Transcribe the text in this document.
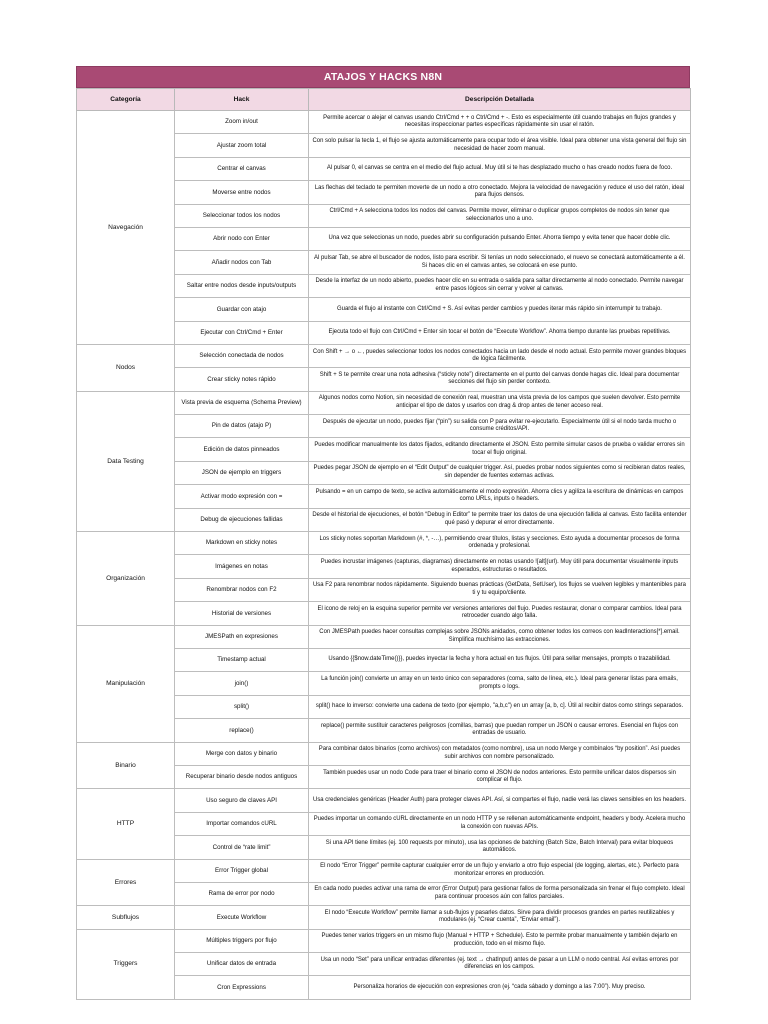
ATAJOS Y HACKS N8N
Categoría	Hack	Descripción Detallada
Navegación	Zoom in/out	Permite acercar o alejar el canvas usando Ctrl/Cmd + + o Ctrl/Cmd + -. Esto es especialmente útil cuando trabajas en flujos grandes y necesitas inspeccionar partes específicas rápidamente sin usar el ratón.
	Ajustar zoom total	Con solo pulsar la tecla 1, el flujo se ajusta automáticamente para ocupar todo el área visible. Ideal para obtener una vista general del flujo sin necesidad de hacer zoom manual.
	Centrar el canvas	Al pulsar 0, el canvas se centra en el medio del flujo actual. Muy útil si te has desplazado mucho o has creado nodos fuera de foco.
	Moverse entre nodos	Las flechas del teclado te permiten moverte de un nodo a otro conectado. Mejora la velocidad de navegación y reduce el uso del ratón, ideal para flujos densos.
	Seleccionar todos los nodos	Ctrl/Cmd + A selecciona todos los nodos del canvas. Permite mover, eliminar o duplicar grupos completos de nodos sin tener que seleccionarlos uno a uno.
	Abrir nodo con Enter	Una vez que seleccionas un nodo, puedes abrir su configuración pulsando Enter. Ahorra tiempo y evita tener que hacer doble clic.
	Añadir nodos con Tab	Al pulsar Tab, se abre el buscador de nodos, listo para escribir. Si tenías un nodo seleccionado, el nuevo se conectará automáticamente a él. Si haces clic en el canvas antes, se colocará en ese punto.
	Saltar entre nodos desde inputs/outputs	Desde la interfaz de un nodo abierto, puedes hacer clic en su entrada o salida para saltar directamente al nodo conectado. Permite navegar entre pasos lógicos sin cerrar y volver al canvas.
	Guardar con atajo	Guarda el flujo al instante con Ctrl/Cmd + S. Así evitas perder cambios y puedes iterar más rápido sin interrumpir tu trabajo.
	Ejecutar con Ctrl/Cmd + Enter	Ejecuta todo el flujo con Ctrl/Cmd + Enter sin tocar el botón de “Execute Workflow”. Ahorra tiempo durante las pruebas repetitivas.
Nodos	Selección conectada de nodos	Con Shift + → o ←, puedes seleccionar todos los nodos conectados hacia un lado desde el nodo actual. Esto permite mover grandes bloques de lógica fácilmente.
	Crear sticky notes rápido	Shift + S te permite crear una nota adhesiva (“sticky note”) directamente en el punto del canvas donde hagas clic. Ideal para documentar secciones del flujo sin perder contexto.
Data Testing	Vista previa de esquema (Schema Preview)	Algunos nodos como Notion, sin necesidad de conexión real, muestran una vista previa de los campos que suelen devolver. Esto permite anticipar el tipo de datos y usarlos con drag & drop antes de tener acceso real.
	Pin de datos (atajo P)	Después de ejecutar un nodo, puedes fijar (“pin”) su salida con P para evitar re-ejecutarlo. Especialmente útil si el nodo tarda mucho o consume créditos/API.
	Edición de datos pinneados	Puedes modificar manualmente los datos fijados, editando directamente el JSON. Esto permite simular casos de prueba o validar errores sin tocar el flujo original.
	JSON de ejemplo en triggers	Puedes pegar JSON de ejemplo en el “Edit Output” de cualquier trigger. Así, puedes probar nodos siguientes como si recibieran datos reales, sin depender de fuentes externas activas.
	Activar modo expresión con =	Pulsando = en un campo de texto, se activa automáticamente el modo expresión. Ahorra clics y agiliza la escritura de dinámicas en campos como URLs, inputs o headers.
	Debug de ejecuciones fallidas	Desde el historial de ejecuciones, el botón “Debug in Editor” te permite traer los datos de una ejecución fallida al canvas. Esto facilita entender qué pasó y depurar el error directamente.
Organización	Markdown en sticky notes	Los sticky notes soportan Markdown (#, *, -…), permitiendo crear títulos, listas y secciones. Esto ayuda a documentar procesos de forma ordenada y profesional.
	Imágenes en notas	Puedes incrustar imágenes (capturas, diagramas) directamente en notas usando ![alt](url). Muy útil para documentar visualmente inputs esperados, estructuras o resultados.
	Renombrar nodos con F2	Usa F2 para renombrar nodos rápidamente. Siguiendo buenas prácticas (GetData, SetUser), los flujos se vuelven legibles y mantenibles para ti y tu equipo/cliente.
	Historial de versiones	El icono de reloj en la esquina superior permite ver versiones anteriores del flujo. Puedes restaurar, clonar o comparar cambios. Ideal para retroceder cuando algo falla.
Manipulación	JMESPath en expresiones	Con JMESPath puedes hacer consultas complejas sobre JSONs anidados, como obtener todos los correos con leadInteractions[*].email. Simplifica muchísimo las extracciones.
	Timestamp actual	Usando {{$now.dateTime()}}, puedes inyectar la fecha y hora actual en tus flujos. Útil para sellar mensajes, prompts o trazabilidad.
	join()	La función join() convierte un array en un texto único con separadores (coma, salto de línea, etc.). Ideal para generar listas para emails, prompts o logs.
	split()	split() hace lo inverso: convierte una cadena de texto (por ejemplo, "a,b,c") en un array [a, b, c]. Útil al recibir datos como strings separados.
	replace()	replace() permite sustituir caracteres peligrosos (comillas, barras) que puedan romper un JSON o causar errores. Esencial en flujos con entradas de usuario.
Binario	Merge con datos y binario	Para combinar datos binarios (como archivos) con metadatos (como nombre), usa un nodo Merge y combínalos “by position”. Así puedes subir archivos con nombre personalizado.
	Recuperar binario desde nodos antiguos	También puedes usar un nodo Code para traer el binario como el JSON de nodos anteriores. Esto permite unificar datos dispersos sin complicar el flujo.
HTTP	Uso seguro de claves API	Usa credenciales genéricas (Header Auth) para proteger claves API. Así, si compartes el flujo, nadie verá las claves sensibles en los headers.
	Importar comandos cURL	Puedes importar un comando cURL directamente en un nodo HTTP y se rellenan automáticamente endpoint, headers y body. Acelera mucho la conexión con nuevas APIs.
	Control de “rate limit”	Si una API tiene límites (ej. 100 requests por minuto), usa las opciones de batching (Batch Size, Batch Interval) para evitar bloqueos automáticos.
Errores	Error Trigger global	El nodo “Error Trigger” permite capturar cualquier error de un flujo y enviarlo a otro flujo especial (de logging, alertas, etc.). Perfecto para monitorizar errores en producción.
	Rama de error por nodo	En cada nodo puedes activar una rama de error (Error Output) para gestionar fallos de forma personalizada sin frenar el flujo completo. Ideal para continuar procesos aún con fallos parciales.
Subflujos	Execute Workflow	El nodo “Execute Workflow” permite llamar a sub-flujos y pasarles datos. Sirve para dividir procesos grandes en partes reutilizables y modulares (ej. “Crear cuenta”, “Enviar email”).
Triggers	Múltiples triggers por flujo	Puedes tener varios triggers en un mismo flujo (Manual + HTTP + Schedule). Esto te permite probar manualmente y también dejarlo en producción, todo en el mismo flujo.
	Unificar datos de entrada	Usa un nodo “Set” para unificar entradas diferentes (ej. text → chatInput) antes de pasar a un LLM o nodo central. Así evitas errores por diferencias en los campos.
	Cron Expressions	Personaliza horarios de ejecución con expresiones cron (ej. “cada sábado y domingo a las 7:00”). Muy preciso.
